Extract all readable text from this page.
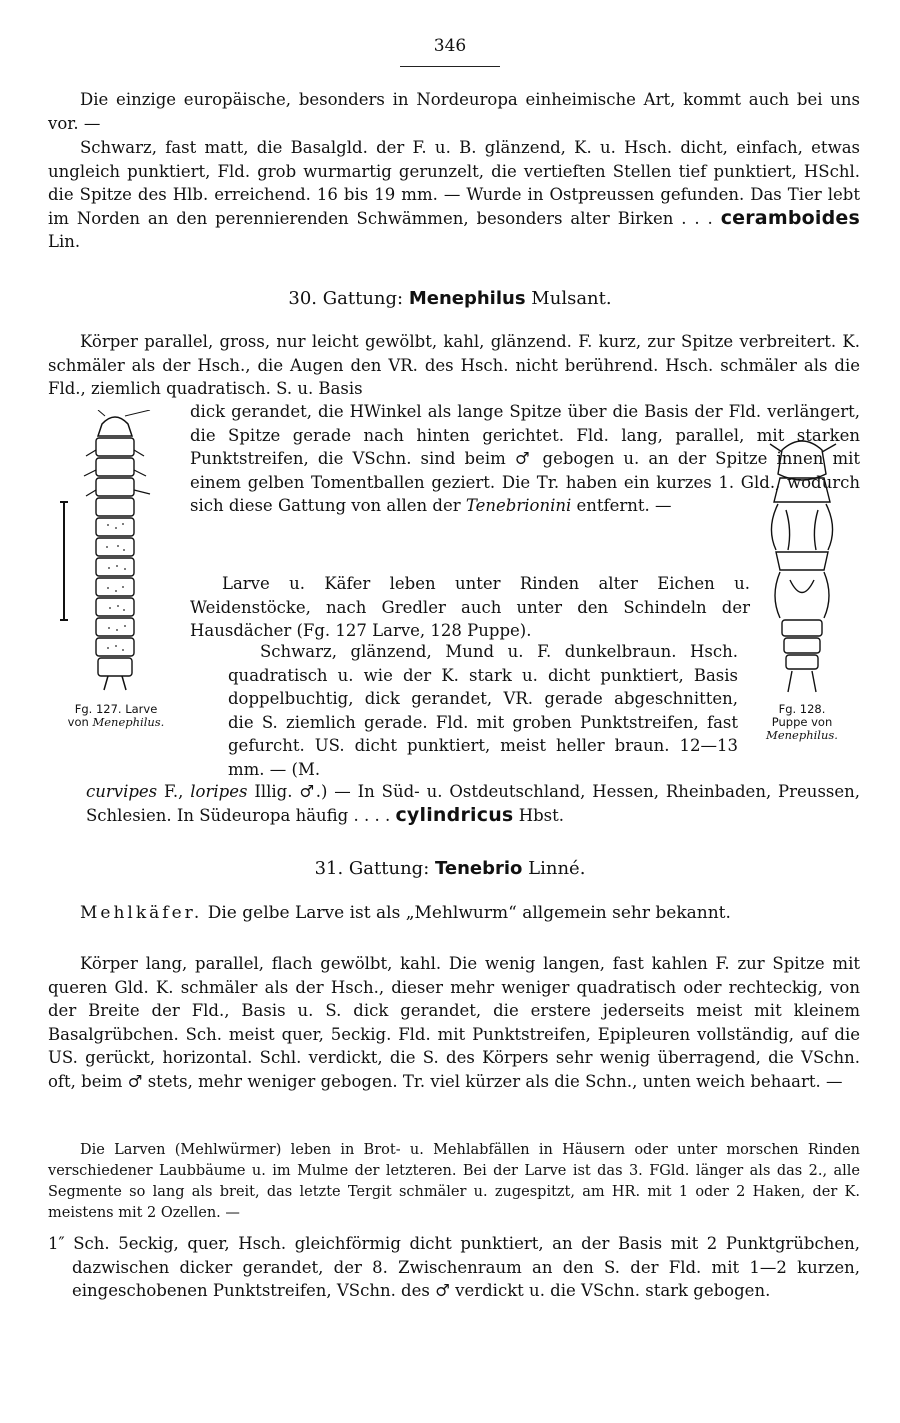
346
Die einzige europäische, besonders in Nordeuropa einheimische Art, kommt auch bei uns vor. —
Schwarz, fast matt, die Basalgld. der F. u. B. glänzend, K. u. Hsch. dicht, einfach, etwas ungleich punktiert, Fld. grob wurmartig gerunzelt, die vertieften Stellen tief punktiert, HSchl. die Spitze des Hlb. erreichend. 16 bis 19 mm. — Wurde in Ostpreussen gefunden. Das Tier lebt im Norden an den perennierenden Schwämmen, besonders alter Birken . . . ceramboides Lin.
30. Gattung: Menephilus Mulsant.
Körper parallel, gross, nur leicht gewölbt, kahl, glänzend. F. kurz, zur Spitze verbreitert. K. schmäler als der Hsch., die Augen den VR. des Hsch. nicht berührend. Hsch. schmäler als die Fld., ziemlich quadratisch. S. u. Basis
Fg. 127. Larve
von Menephilus.
Fg. 128.
Puppe von
Menephilus.
dick gerandet, die HWinkel als lange Spitze über die Basis der Fld. verlängert, die Spitze gerade nach hinten gerichtet. Fld. lang, parallel, mit starken Punktstreifen, die VSchn. sind beim ♂ gebogen u. an der Spitze innen mit einem gelben Tomentballen geziert. Die Tr. haben ein kurzes 1. Gld., wodurch sich diese Gattung von allen der Tenebrionini entfernt. —
Larve u. Käfer leben unter Rinden alter Eichen u. Weidenstöcke, nach Gredler auch unter den Schindeln der Hausdächer (Fg. 127 Larve, 128 Puppe).
Schwarz, glänzend, Mund u. F. dunkelbraun. Hsch. quadratisch u. wie der K. stark u. dicht punktiert, Basis doppelbuchtig, dick gerandet, VR. gerade abgeschnitten, die S. ziemlich gerade. Fld. mit groben Punktstreifen, fast gefurcht. US. dicht punktiert, meist heller braun. 12—13 mm. — (M.
curvipes F., loripes Illig. ♂.) — In Süd- u. Ostdeutschland, Hessen, Rheinbaden, Preussen, Schlesien. In Südeuropa häufig . . . . cylindricus Hbst.
31. Gattung: Tenebrio Linné.
Mehlkäfer. Die gelbe Larve ist als „Mehlwurm“ allgemein sehr bekannt.
Körper lang, parallel, flach gewölbt, kahl. Die wenig langen, fast kahlen F. zur Spitze mit queren Gld. K. schmäler als der Hsch., dieser mehr weniger quadratisch oder rechteckig, von der Breite der Fld., Basis u. S. dick gerandet, die erstere jederseits meist mit kleinem Basalgrübchen. Sch. meist quer, 5eckig. Fld. mit Punktstreifen, Epipleuren vollständig, auf die US. gerückt, horizontal. Schl. verdickt, die S. des Körpers sehr wenig überragend, die VSchn. oft, beim ♂ stets, mehr weniger gebogen. Tr. viel kürzer als die Schn., unten weich behaart. —
Die Larven (Mehlwürmer) leben in Brot- u. Mehlabfällen in Häusern oder unter morschen Rinden verschiedener Laubbäume u. im Mulme der letzteren. Bei der Larve ist das 3. FGld. länger als das 2., alle Segmente so lang als breit, das letzte Tergit schmäler u. zugespitzt, am HR. mit 1 oder 2 Haken, der K. meistens mit 2 Ozellen. —
1″ Sch. 5eckig, quer, Hsch. gleichförmig dicht punktiert, an der Basis mit 2 Punktgrübchen, dazwischen dicker gerandet, der 8. Zwischenraum an den S. der Fld. mit 1—2 kurzen, eingeschobenen Punktstreifen, VSchn. des ♂ verdickt u. die VSchn. stark gebogen.
